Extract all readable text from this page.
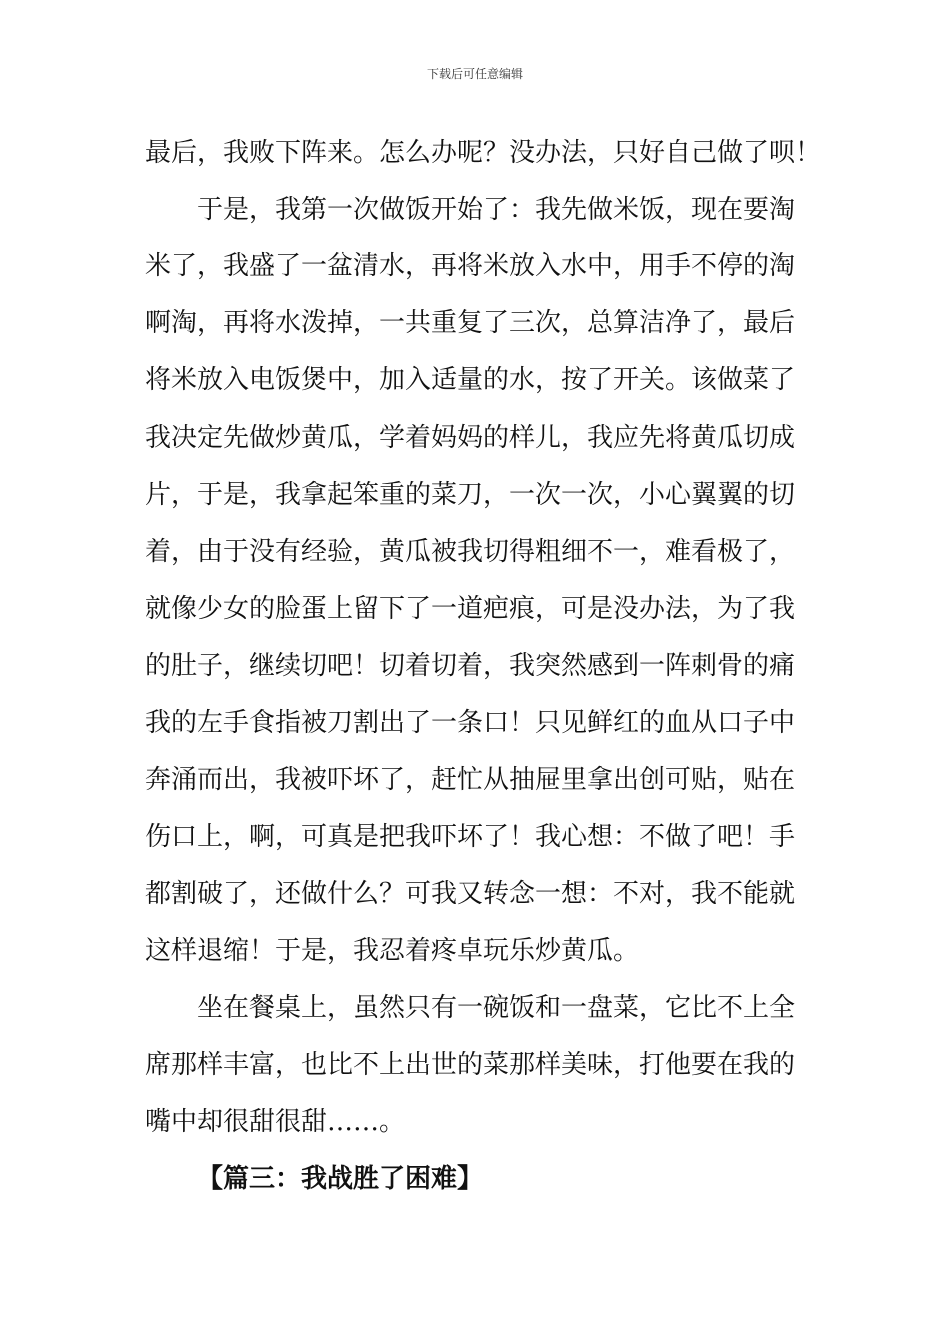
下载后可任意编辑
最后，我败下阵来。怎么办呢？没办法，只好自己做了呗！
于是，我第一次做饭开始了：我先做米饭，现在要淘
米了，我盛了一盆清水，再将米放入水中，用手不停的淘
啊淘，再将水泼掉，一共重复了三次，总算洁净了，最后
将米放入电饭煲中，加入适量的水，按了开关。该做菜了
我决定先做炒黄瓜，学着妈妈的样儿，我应先将黄瓜切成
片，于是，我拿起笨重的菜刀，一次一次，小心翼翼的切
着，由于没有经验，黄瓜被我切得粗细不一，难看极了，
就像少女的脸蛋上留下了一道疤痕，可是没办法，为了我
的肚子，继续切吧！切着切着，我突然感到一阵刺骨的痛
我的左手食指被刀割出了一条口！只见鲜红的血从口子中
奔涌而出，我被吓坏了，赶忙从抽屉里拿出创可贴，贴在
伤口上，啊，可真是把我吓坏了！我心想：不做了吧！手
都割破了，还做什么？可我又转念一想：不对，我不能就
这样退缩！于是，我忍着疼卓玩乐炒黄瓜。
坐在餐桌上，虽然只有一碗饭和一盘菜，它比不上全
席那样丰富，也比不上出世的菜那样美味，打他要在我的
嘴中却很甜很甜……。
【篇三：我战胜了困难】
